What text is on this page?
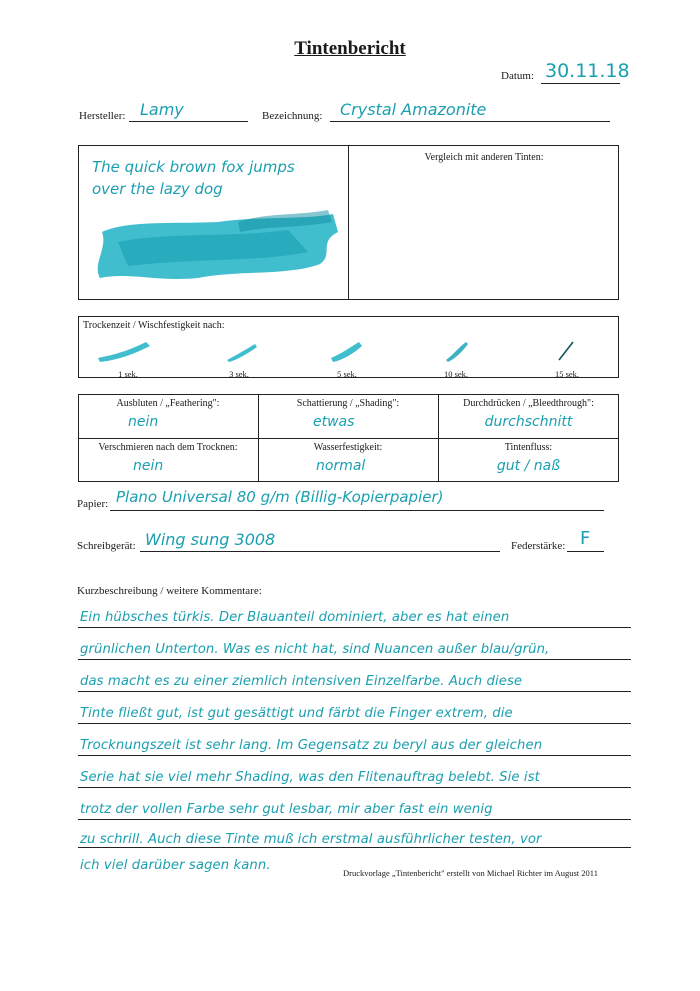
Tintenbericht
Datum: 30.11.18
Hersteller: Lamy	Bezeichnung: Crystal Amazonite
The quick brown fox jumps
over the lazy dog
Vergleich mit anderen Tinten:
Trockenzeit / Wischfestigkeit nach:
1 sek.	3 sek.	5 sek.	10 sek.	15 sek.
Ausbluten / „Feathering":
nein
Schattierung / „Shading":
etwas
Durchdrücken / „Bleedthrough":
durchschnitt
Verschmieren nach dem Trocknen:
nein
Wasserfestigkeit:
normal
Tintenfluss:
gut / naß
Papier: Plano Universal 80 g/m (Billig-Kopierpapier)
Schreibgerät: Wing sung 3008	Federstärke: F
Kurzbeschreibung / weitere Kommentare:
Ein hübsches türkis. Der Blauanteil dominiert, aber es hat einen
grünlichen Unterton. Was es nicht hat, sind Nuancen außer blau/grün,
das macht es zu einer ziemlich intensiven Einzelfarbe. Auch diese
Tinte fließt gut, ist gut gesättigt und färbt die Finger extrem, die
Trocknungszeit ist sehr lang. Im Gegensatz zu beryl aus der gleichen
Serie hat sie viel mehr Shading, was den Flitenauftrag belebt. Sie ist
trotz der vollen Farbe sehr gut lesbar, mir aber fast ein wenig
zu schrill. Auch diese Tinte muß ich erstmal ausführlicher testen, vor
ich viel darüber sagen kann.	Druckvorlage „Tintenbericht" erstellt von Michael Richter im August 2011
